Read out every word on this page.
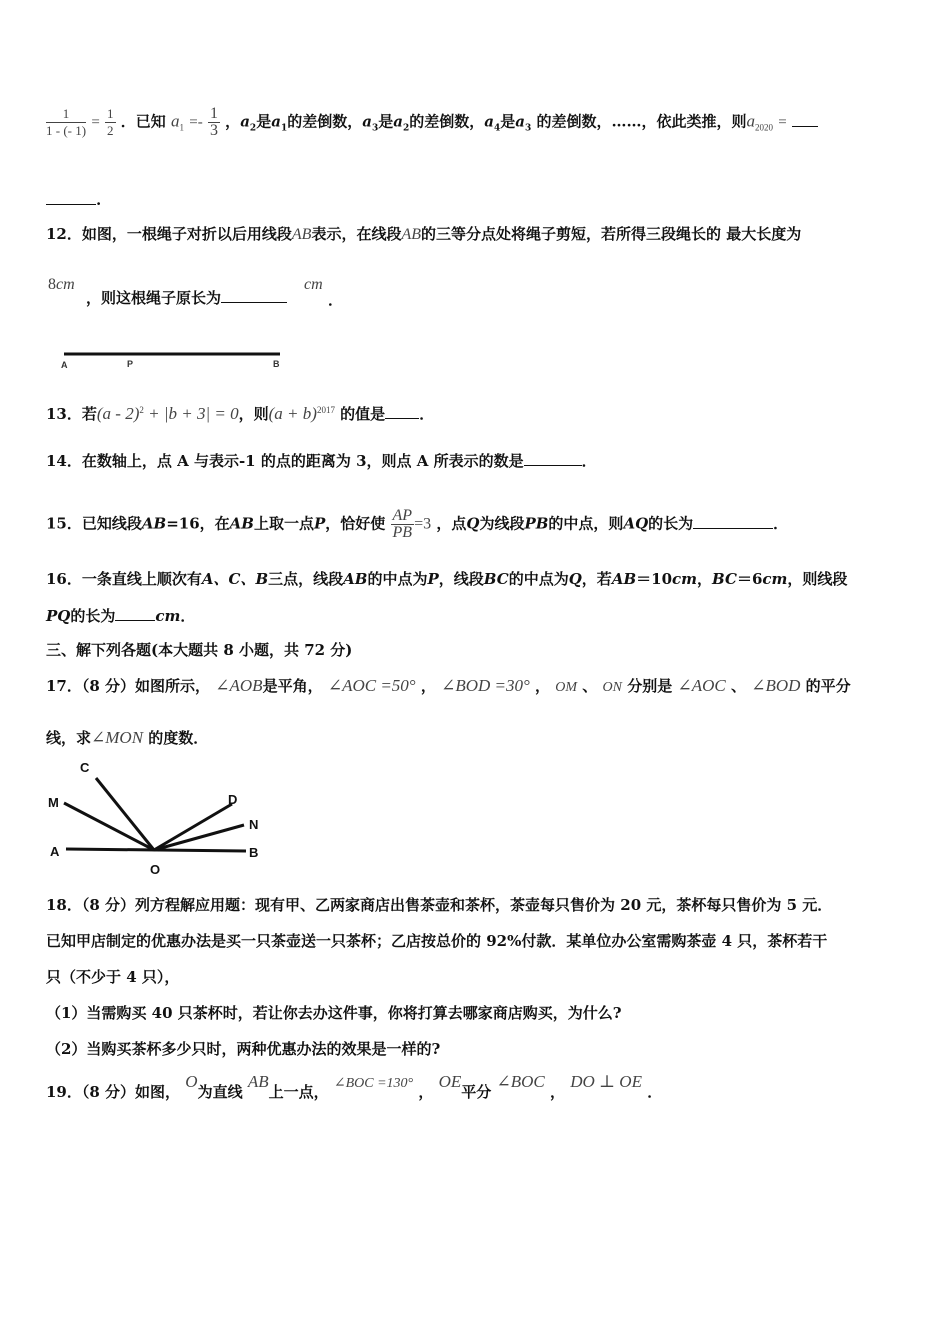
$\frac{1}{1 - (- 1)} = \frac{1}{2}$ ．已知 $a_1 =- \frac{1}{3}$ ，$a_2$是$a_1$的差倒数，$a_3$是$a_2$的差倒数，$a_4$是$a_3$ 的差倒数，……，依此类推，则$a_{2020}$ =
.
12．如图，一根绳子对折以后用线段AB表示，在线段AB的三等分点处将绳子剪短，若所得三段绳长的 最大长度为
8cm
，则这根绳子原长为
cm
．
A	P	B
13．若(a - 2)$^2$ + |b + 3| = 0，则$(a + b)^{2017}$ 的值是 ．
14．在数轴上，点 A 与表示-1 的点的距离为 3，则点 A 所表示的数是	．
15．已知线段AB=16，在AB上取一点P，恰好使 $\frac{AP}{PB} =3$ ，点Q为线段PB的中点，则AQ的长为	．
16．一条直线上顺次有A、C、B三点，线段AB的中点为P，线段BC的中点为Q，若AB＝10cm，BC＝6cm，则线段
PQ的长为	cm．
三、解下列各题(本大题共 8 小题，共 72 分)
17．（8 分）如图所示， ∠AOB是平角， ∠AOC =50° ， ∠BOD =30° ， OM 、 ON 分别是 ∠AOC 、 ∠BOD 的平分
线，求∠MON 的度数．
C
M
A
O
D
N
B
18．（8 分）列方程解应用题：现有甲、乙两家商店出售茶壶和茶杯，茶壶每只售价为 20 元，茶杯每只售价为 5 元．
已知甲店制定的优惠办法是买一只茶壶送一只茶杯；乙店按总价的 92%付款．某单位办公室需购茶壶 4 只，茶杯若干
只（不少于 4 只），
（1）当需购买 40 只茶杯时，若让你去办这件事，你将打算去哪家商店购买，为什么?
（2）当购买茶杯多少只时，两种优惠办法的效果是一样的?
19．（8 分）如图， O为直线 AB上一点， ∠BOC =130° ， OE平分 ∠BOC ， DO ⊥ OE ．
